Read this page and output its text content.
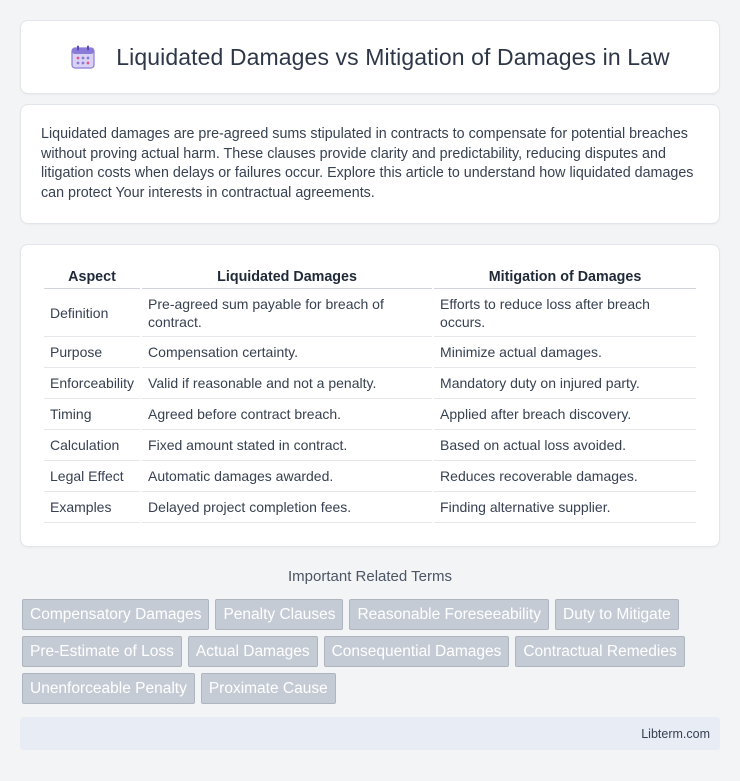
Liquidated Damages vs Mitigation of Damages in Law

Liquidated damages are pre-agreed sums stipulated in contracts to compensate for potential breaches without proving actual harm. These clauses provide clarity and predictability, reducing disputes and litigation costs when delays or failures occur. Explore this article to understand how liquidated damages can protect Your interests in contractual agreements.

Aspect	Liquidated Damages	Mitigation of Damages
Definition	Pre-agreed sum payable for breach of contract.	Efforts to reduce loss after breach occurs.
Purpose	Compensation certainty.	Minimize actual damages.
Enforceability	Valid if reasonable and not a penalty.	Mandatory duty on injured party.
Timing	Agreed before contract breach.	Applied after breach discovery.
Calculation	Fixed amount stated in contract.	Based on actual loss avoided.
Legal Effect	Automatic damages awarded.	Reduces recoverable damages.
Examples	Delayed project completion fees.	Finding alternative supplier.
Important Related Terms
Compensatory Damages	Penalty Clauses	Reasonable Foreseeability	Duty to Mitigate
Pre-Estimate of Loss	Actual Damages	Consequential Damages	Contractual Remedies
Unenforceable Penalty	Proximate Cause
Libterm.com
